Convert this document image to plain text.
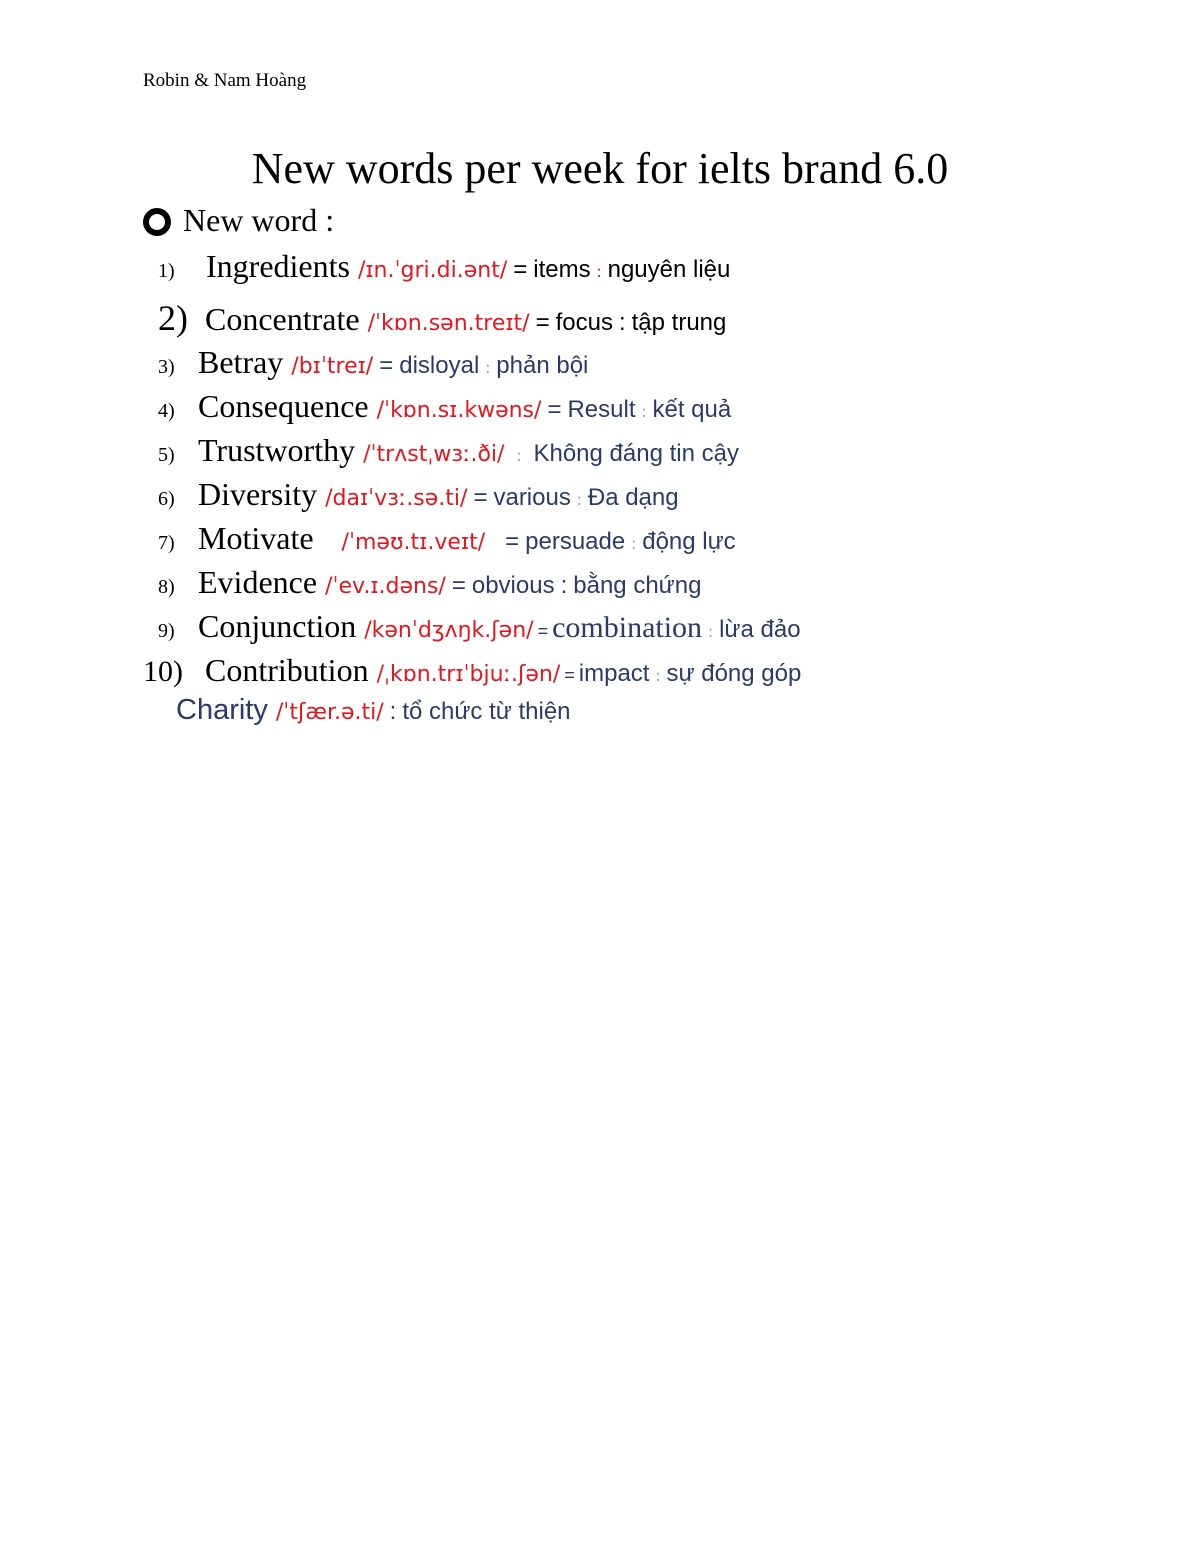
Robin & Nam Hoàng
New words per week for ielts brand 6.0
New word :
1) Ingredients /ɪn.ˈgri.di.ənt/ = items : nguyên liệu
2) Concentrate /ˈkɒn.sən.treɪt/ = focus : tập trung
3) Betray /bɪˈtreɪ/ = disloyal : phản bội
4) Consequence /ˈkɒn.sɪ.kwəns/ = Result : kết quả
5) Trustworthy /ˈtrʌstˌwɜː.ði/ : Không đáng tin cậy
6) Diversity /daɪˈvɜː.sə.ti/ = various : Đa dạng
7) Motivate /ˈməʊ.tɪ.veɪt/ = persuade : động lực
8) Evidence /ˈev.ɪ.dəns/ = obvious : bằng chứng
9) Conjunction /kənˈdʒʌŋk.ʃən/ = combination : lừa đảo
10) Contribution /ˌkɒn.trɪˈbjuː.ʃən/ = impact : sự đóng góp
Charity /ˈtʃær.ə.ti/ : tổ chức từ thiện
